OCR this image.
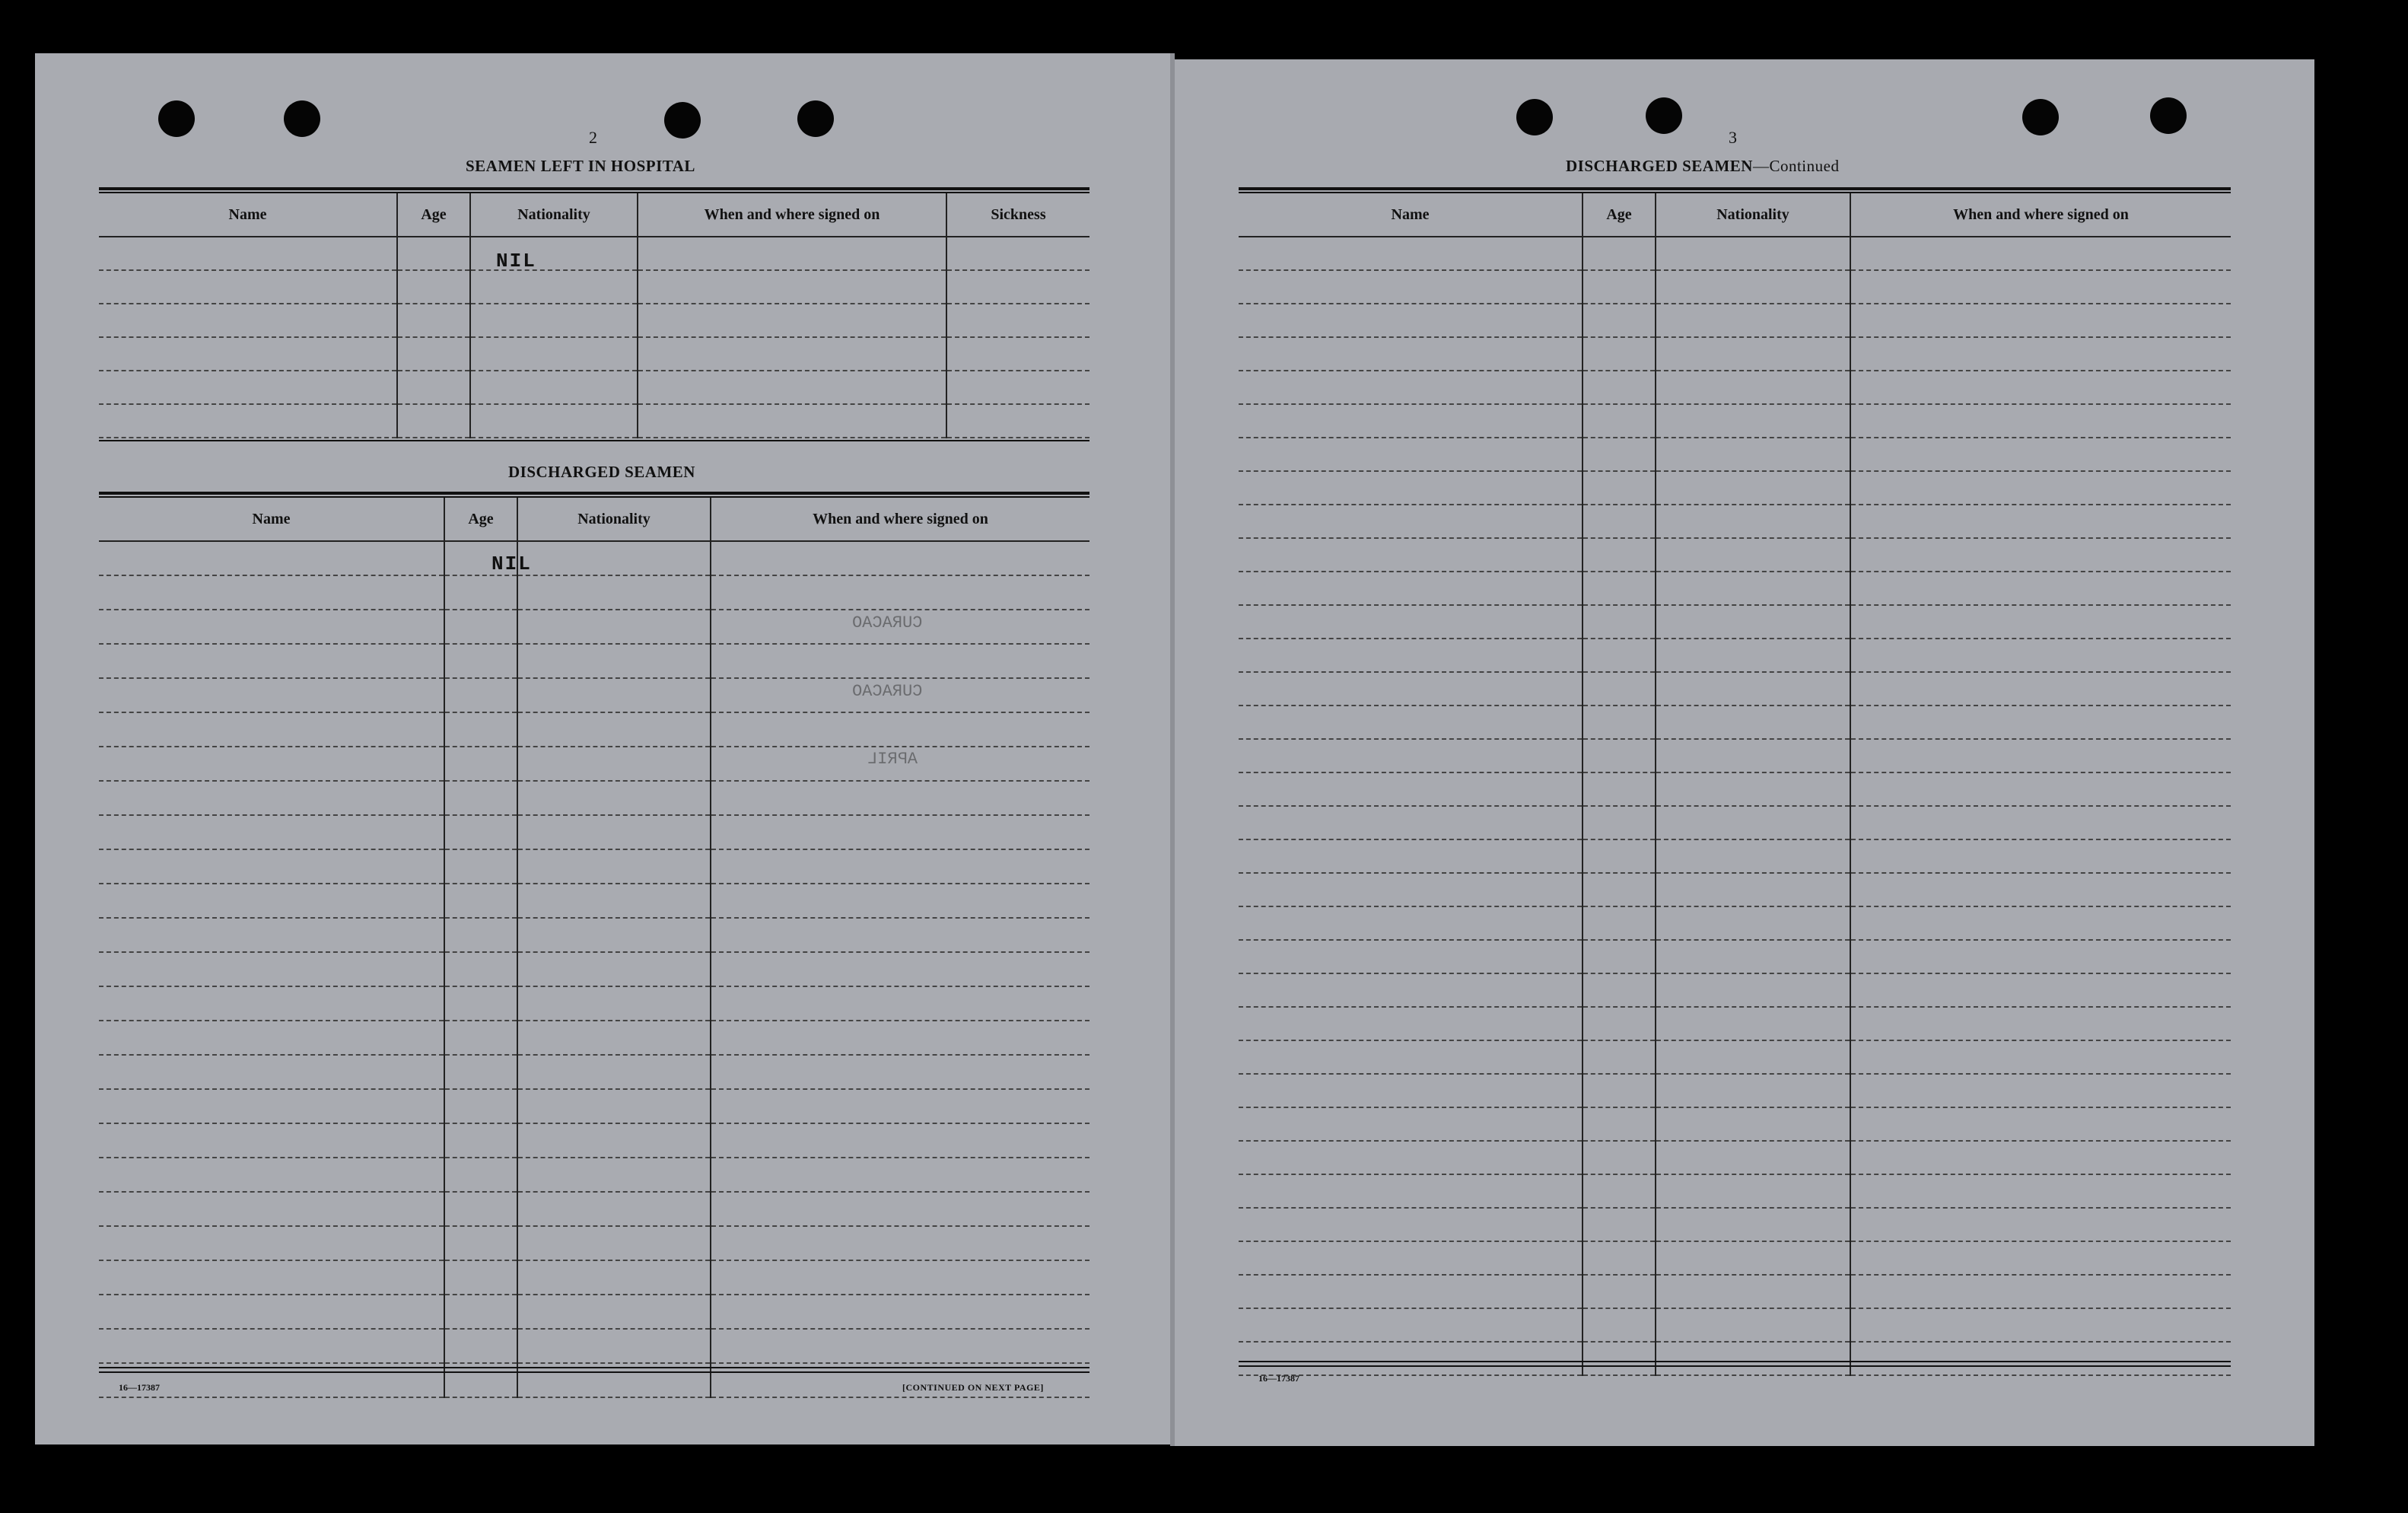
CURACAO
CURACAO
APRIL
2
SEAMEN LEFT IN HOSPITAL
Name	Age	Nationality	When and where signed on	Sickness

NIL
DISCHARGED SEAMEN
Name	Age	Nationality	When and where signed on

NIL
16—17387	[CONTINUED ON NEXT PAGE]
3
DISCHARGED SEAMEN—Continued
Name	Age	Nationality	When and where signed on

16—17387
